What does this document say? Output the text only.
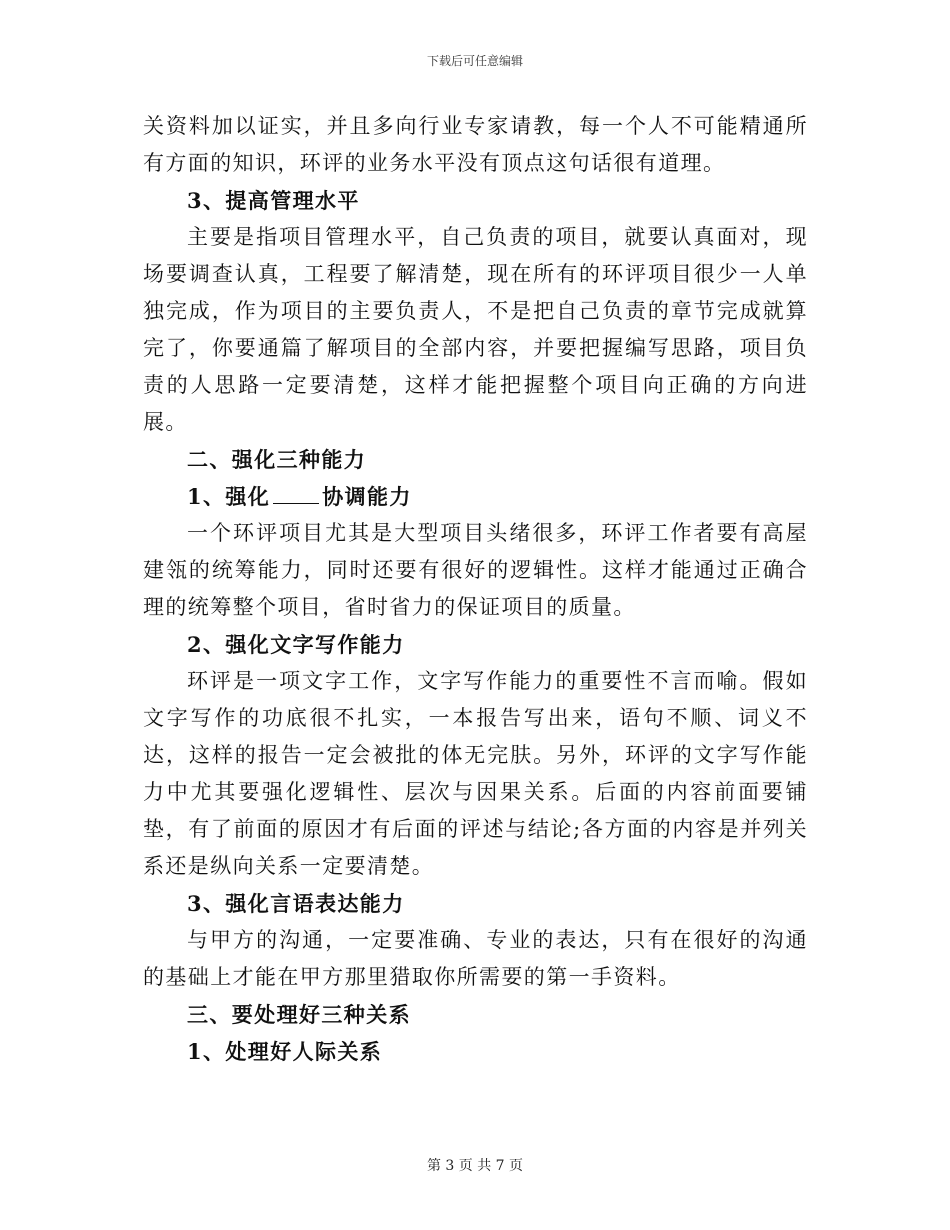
下载后可任意编辑

关资料加以证实，并且多向行业专家请教，每一个人不可能精通所有方面的知识，环评的业务水平没有顶点这句话很有道理。

3、提高管理水平

主要是指项目管理水平，自己负责的项目，就要认真面对，现场要调查认真，工程要了解清楚，现在所有的环评项目很少一人单独完成，作为项目的主要负责人，不是把自己负责的章节完成就算完了，你要通篇了解项目的全部内容，并要把握编写思路，项目负责的人思路一定要清楚，这样才能把握整个项目向正确的方向进展。

二、强化三种能力
1、强化 协调能力

一个环评项目尤其是大型项目头绪很多，环评工作者要有高屋建瓴的统筹能力，同时还要有很好的逻辑性。这样才能通过正确合理的统筹整个项目，省时省力的保证项目的质量。

2、强化文字写作能力

环评是一项文字工作，文字写作能力的重要性不言而喻。假如文字写作的功底很不扎实，一本报告写出来，语句不顺、词义不达，这样的报告一定会被批的体无完肤。另外，环评的文字写作能力中尤其要强化逻辑性、层次与因果关系。后面的内容前面要铺垫，有了前面的原因才有后面的评述与结论;各方面的内容是并列关系还是纵向关系一定要清楚。

3、强化言语表达能力

与甲方的沟通，一定要准确、专业的表达，只有在很好的沟通的基础上才能在甲方那里猎取你所需要的第一手资料。

三、要处理好三种关系
1、处理好人际关系
第 3 页 共 7 页
